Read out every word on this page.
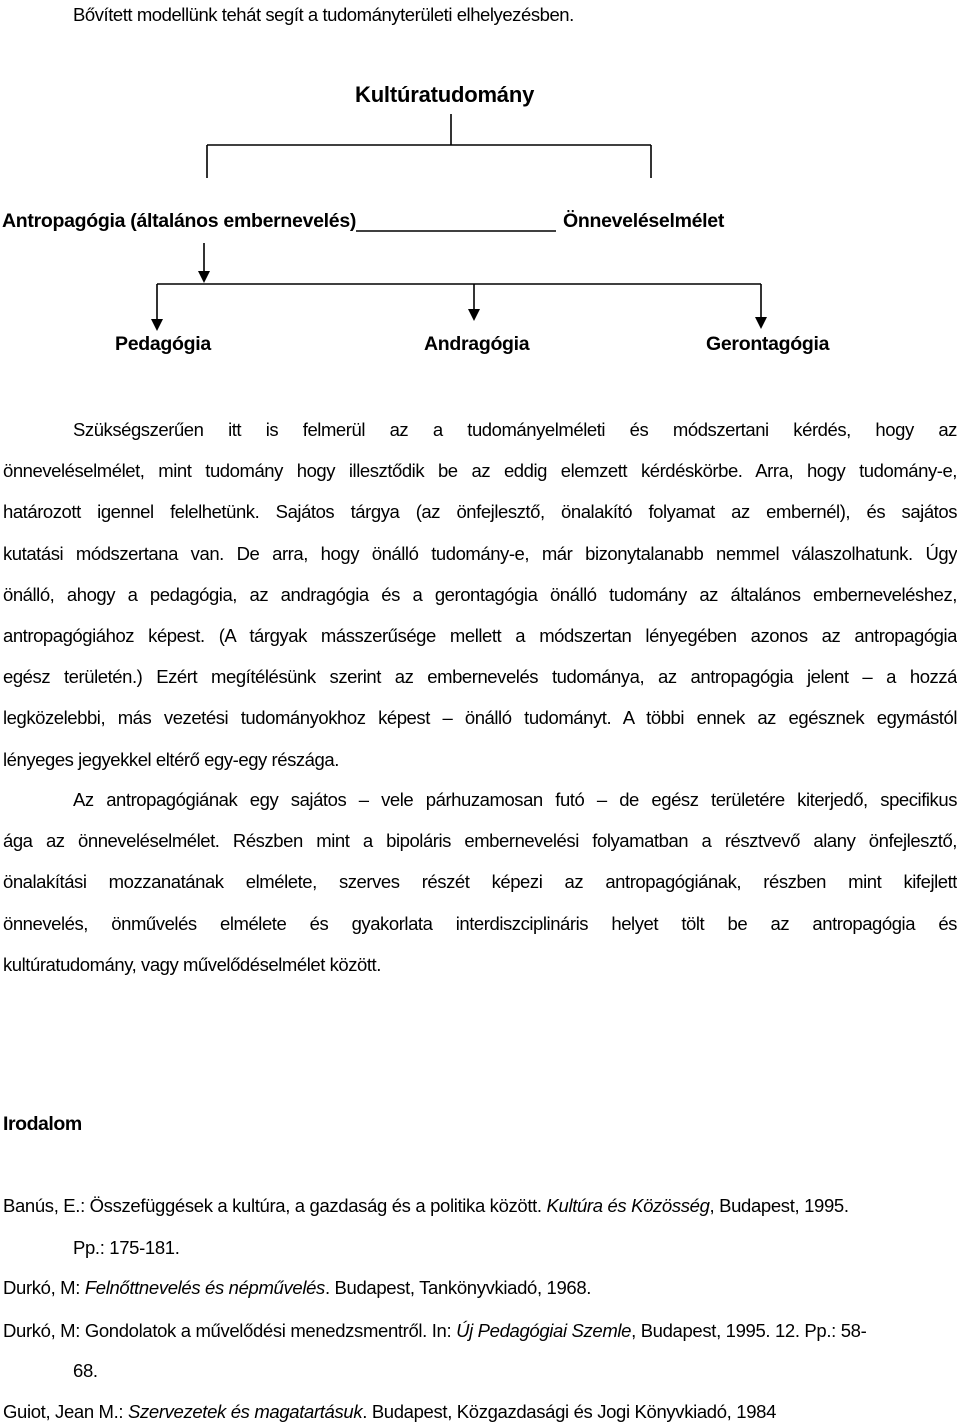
Bővített modellünk tehát segít a tudományterületi elhelyezésben.
Kultúratudomány
Antropagógia (általános embernevelés)	Önneveléselmélet
Pedagógia	Andragógia	Gerontagógia
Szükségszerűen itt is felmerül az a tudományelméleti és módszertani kérdés, hogy az
önneveléselmélet, mint tudomány hogy illesztődik be az eddig elemzett kérdéskörbe. Arra, hogy tudomány-e,
határozott igennel felelhetünk. Sajátos tárgya (az önfejlesztő, önalakító folyamat az embernél), és sajátos
kutatási módszertana van. De arra, hogy önálló tudomány-e, már bizonytalanabb nemmel válaszolhatunk. Úgy
önálló, ahogy a pedagógia, az andragógia és a gerontagógia önálló tudomány az általános emberneveléshez,
antropagógiához képest. (A tárgyak másszerűsége mellett a módszertan lényegében azonos az antropagógia
egész területén.) Ezért megítélésünk szerint az embernevelés tudománya, az antropagógia jelent – a hozzá
legközelebbi, más vezetési tudományokhoz képest – önálló tudományt. A többi ennek az egésznek egymástól
lényeges jegyekkel eltérő egy-egy részága.
Az antropagógiának egy sajátos – vele párhuzamosan futó – de egész területére kiterjedő, specifikus
ága az önneveléselmélet. Részben mint a bipoláris embernevelési folyamatban a résztvevő alany önfejlesztő,
önalakítási mozzanatának elmélete, szerves részét képezi az antropagógiának, részben mint kifejlett
önnevelés, önművelés elmélete és gyakorlata interdiszciplináris helyet tölt be az antropagógia és
kultúratudomány, vagy művelődéselmélet között.
Irodalom
Banús, E.: Összefüggések a kultúra, a gazdaság és a politika között. Kultúra és Közösség, Budapest, 1995.
Pp.: 175-181.
Durkó, M: Felnőttnevelés és népművelés. Budapest, Tankönyvkiadó, 1968.
Durkó, M: Gondolatok a művelődési menedzsmentről. In: Új Pedagógiai Szemle, Budapest, 1995. 12. Pp.: 58-
68.
Guiot, Jean M.: Szervezetek és magatartásuk. Budapest, Közgazdasági és Jogi Könyvkiadó, 1984
